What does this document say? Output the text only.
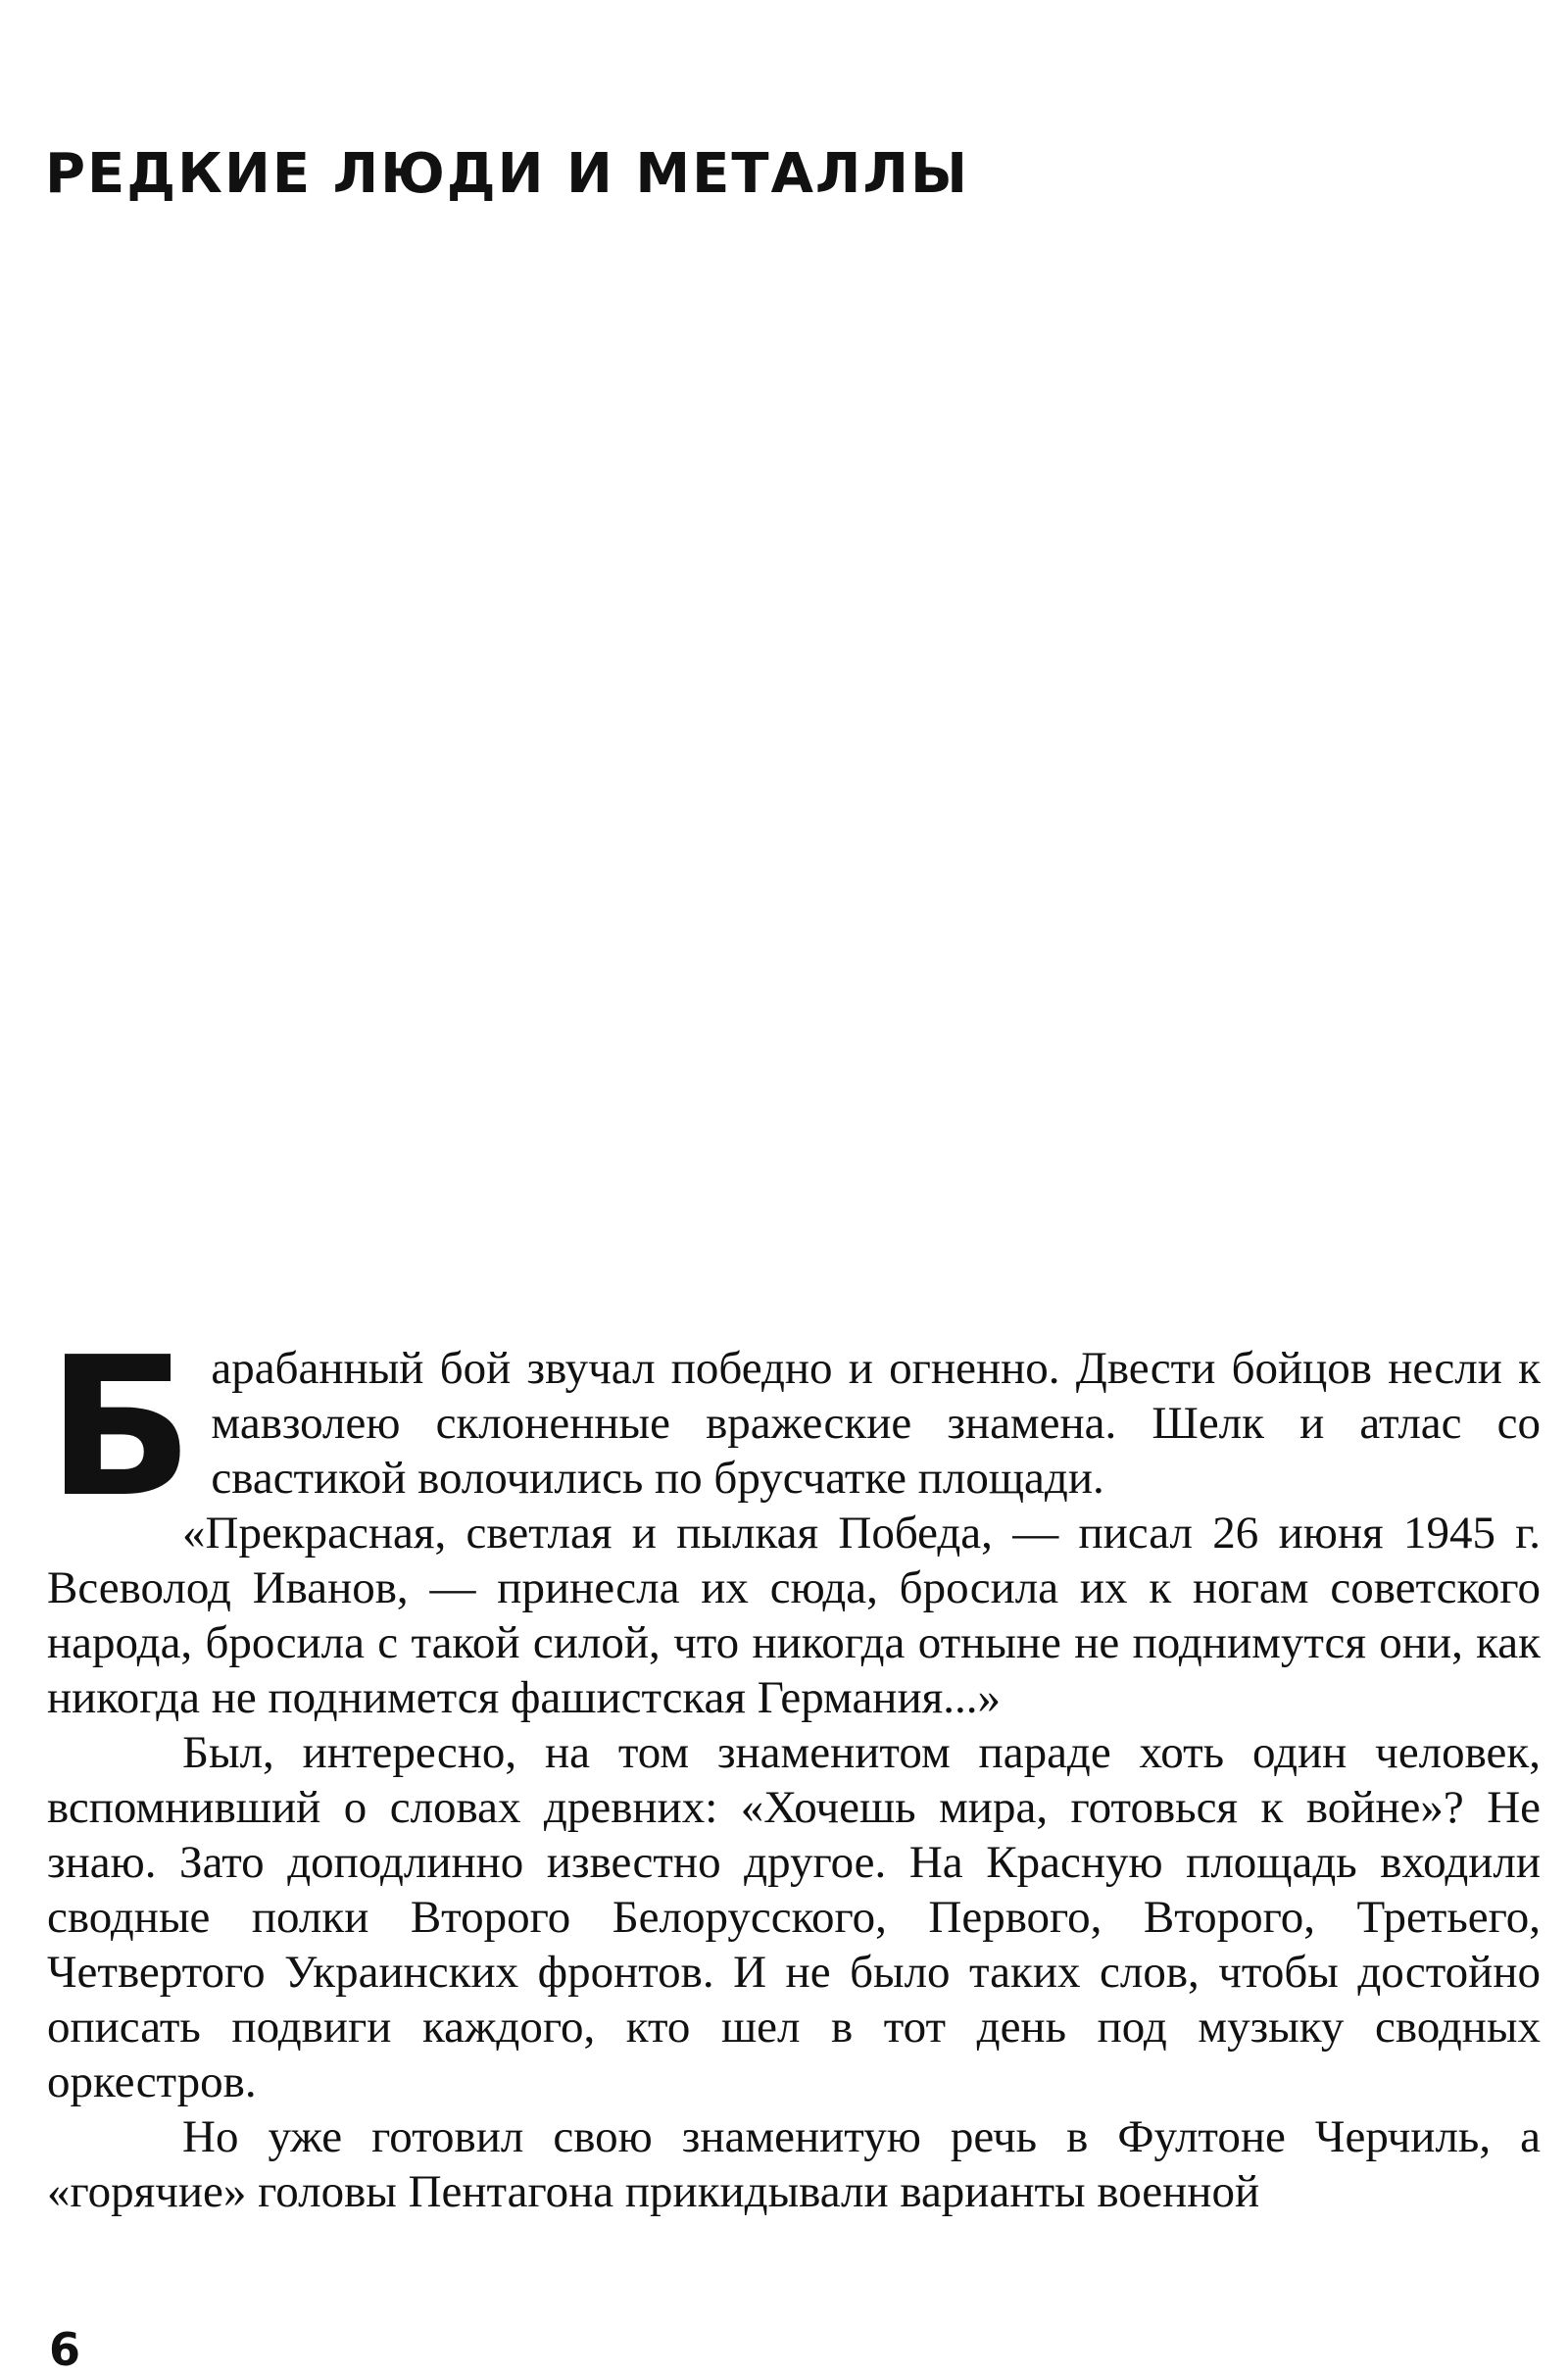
РЕДКИЕ ЛЮДИ И МЕТАЛЛЫ

Барабанный бой звучал победно и огненно. Двести бойцов несли к мавзолею склоненные вражеские знамена. Шелк и атлас со свастикой волочились по брусчатке площади.

«Прекрасная, светлая и пылкая Победа, — писал 26 июня 1945 г. Всеволод Иванов, — принесла их сюда, бросила их к ногам советского народа, бросила с такой силой, что никогда отныне не поднимутся они, как никогда не поднимется фашистская Германия...»

Был, интересно, на том знаменитом параде хоть один человек, вспомнивший о словах древних: «Хочешь мира, готовься к войне»? Не знаю. Зато доподлинно известно другое. На Красную площадь входили сводные полки Второго Белорусского, Первого, Второго, Третьего, Четвертого Украинских фронтов. И не было таких слов, чтобы достойно описать подвиги каждого, кто шел в тот день под музыку сводных оркестров.

Но уже готовил свою знаменитую речь в Фултоне Черчиль, а «горячие» головы Пентагона прикидывали варианты военной

6
